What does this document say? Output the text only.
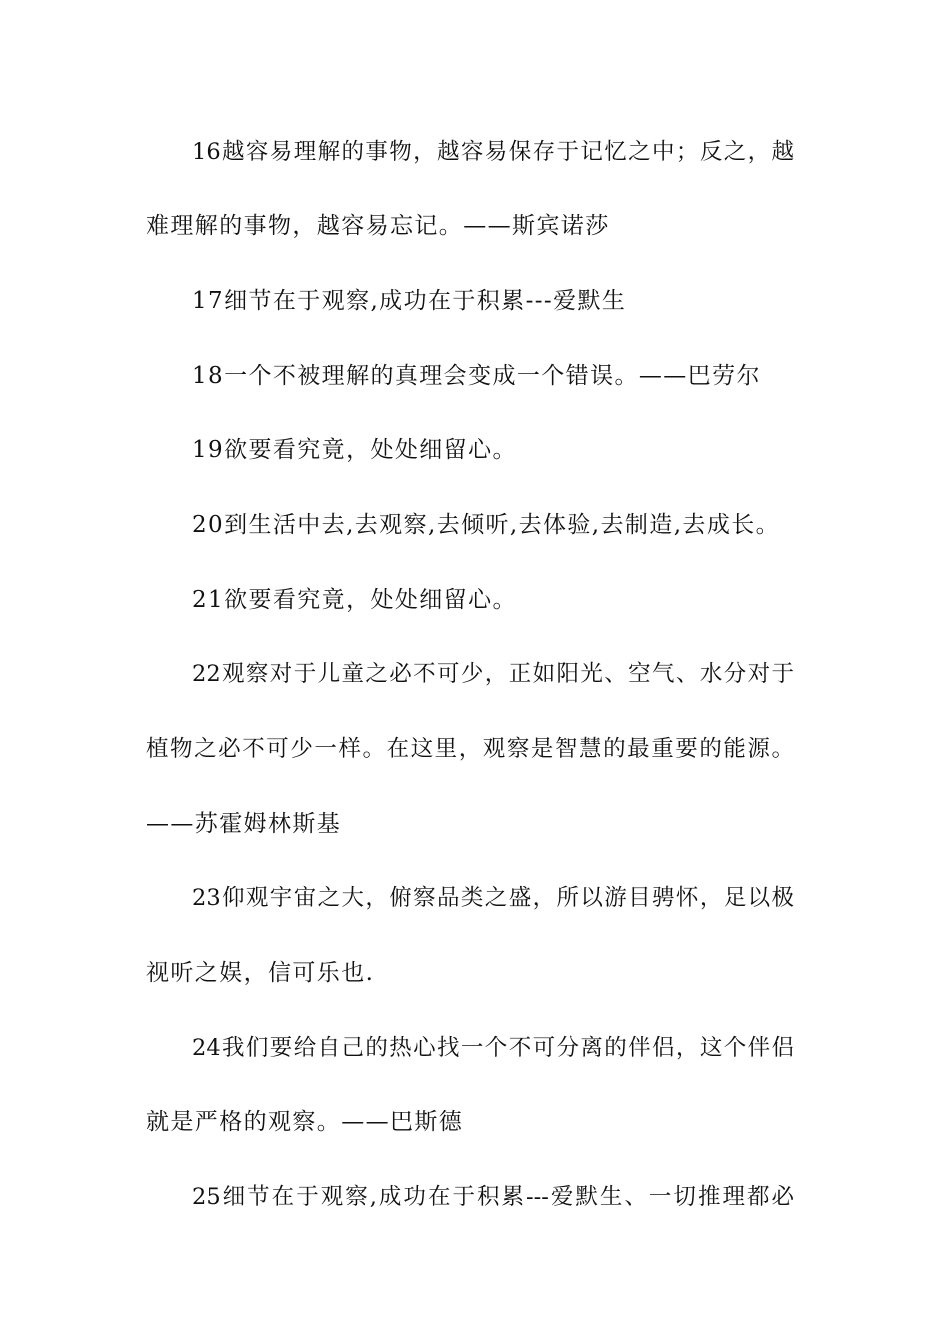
16越容易理解的事物，越容易保存于记忆之中；反之，越
难理解的事物，越容易忘记。——斯宾诺莎
17细节在于观察,成功在于积累---爱默生
18一个不被理解的真理会变成一个错误。——巴劳尔
19欲要看究竟，处处细留心。
20到生活中去,去观察,去倾听,去体验,去制造,去成长。
21欲要看究竟，处处细留心。
22观察对于儿童之必不可少，正如阳光、空气、水分对于
植物之必不可少一样。在这里，观察是智慧的最重要的能源。
——苏霍姆林斯基
23仰观宇宙之大，俯察品类之盛，所以游目骋怀，足以极
视听之娱，信可乐也.
24我们要给自己的热心找一个不可分离的伴侣，这个伴侣
就是严格的观察。——巴斯德
25细节在于观察,成功在于积累---爱默生、一切推理都必
